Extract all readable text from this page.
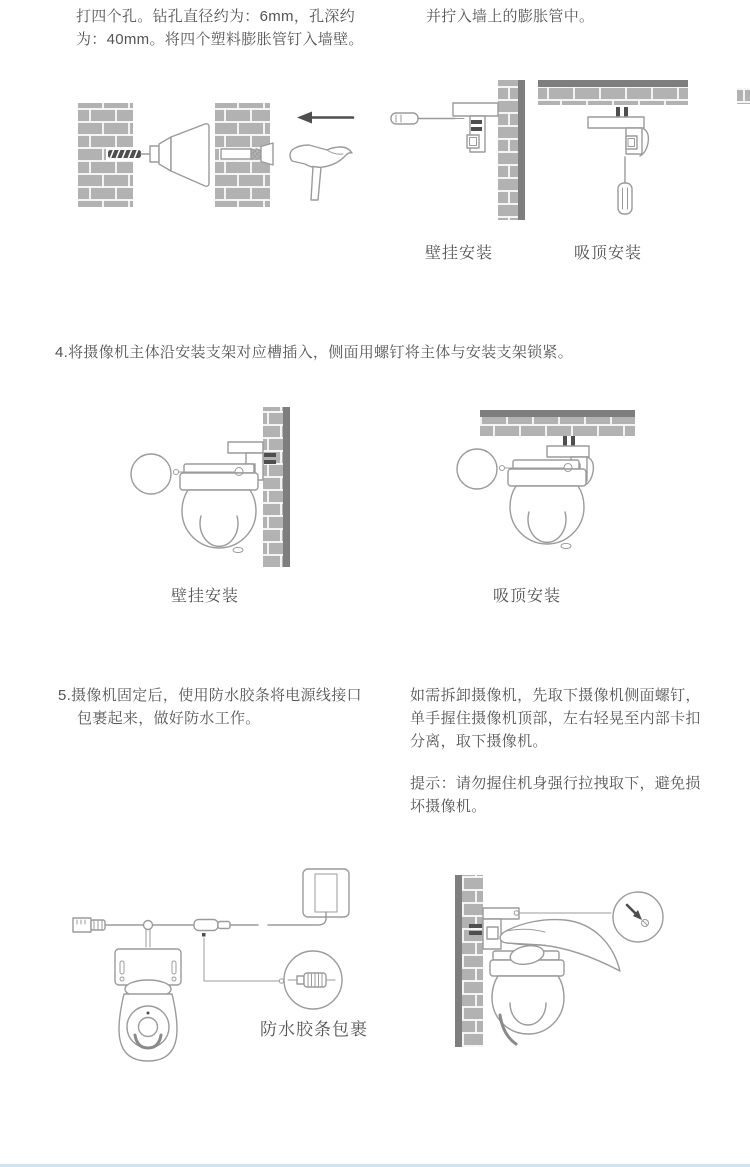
打四个孔。钻孔直径约为：6mm，孔深约
为：40mm。将四个塑料膨胀管钉入墙壁。
并拧入墙上的膨胀管中。
壁挂安装	吸顶安装
4.将摄像机主体沿安装支架对应槽插入，侧面用螺钉将主体与安装支架锁紧。
壁挂安装	吸顶安装
5.摄像机固定后，使用防水胶条将电源线接口
包裹起来，做好防水工作。
如需拆卸摄像机，先取下摄像机侧面螺钉，
单手握住摄像机顶部，左右轻晃至内部卡扣
分离，取下摄像机。
提示：请勿握住机身强行拉拽取下，避免损
坏摄像机。
防水胶条包裹
